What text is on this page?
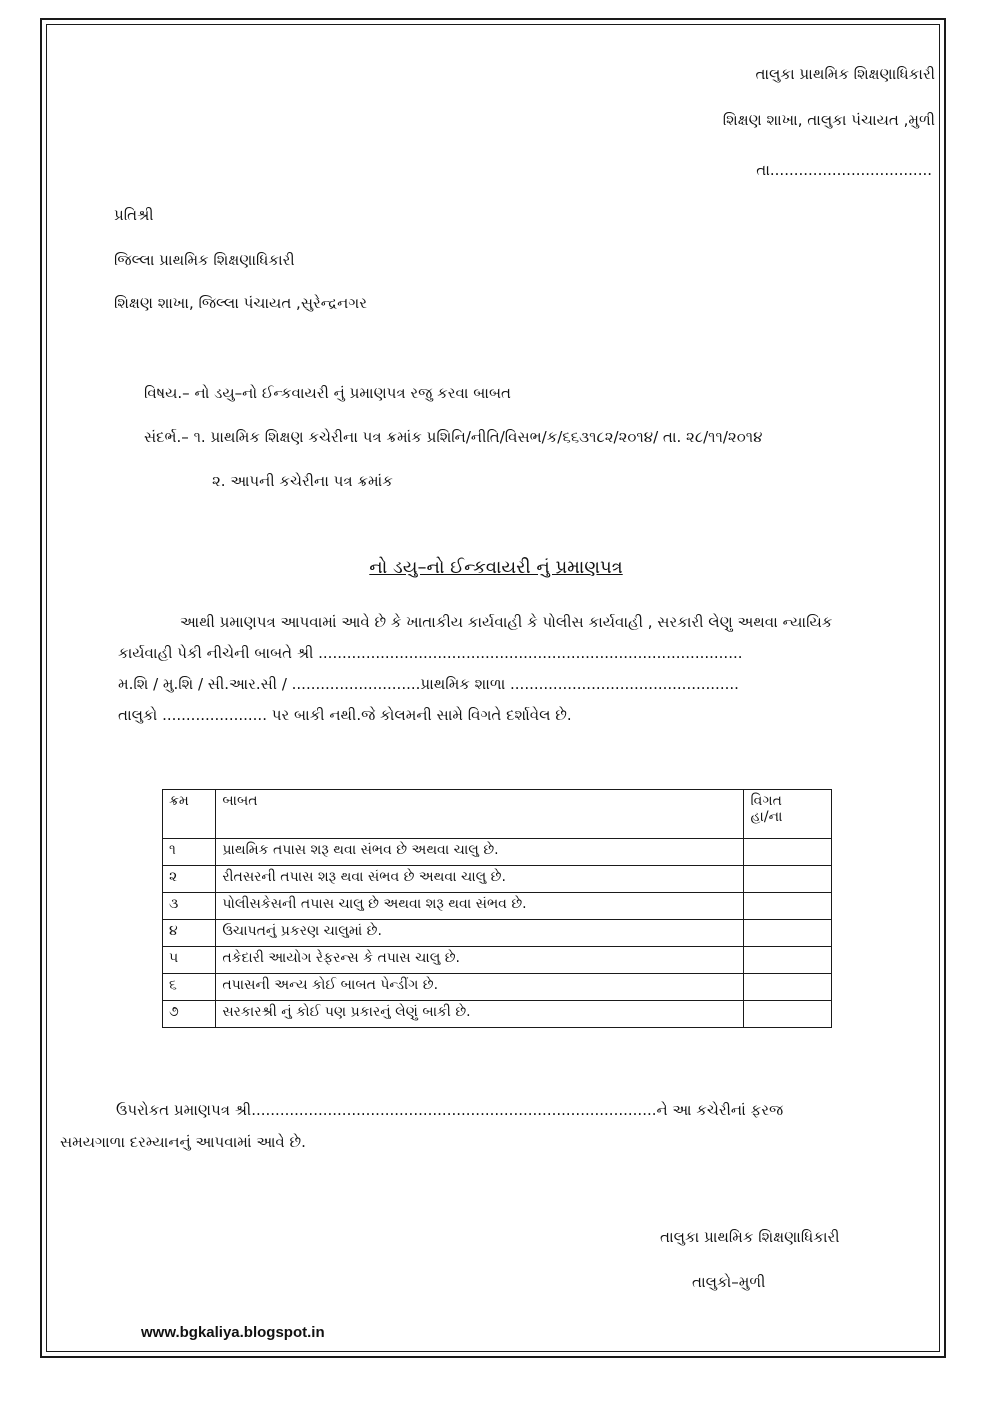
તાલુકા પ્રાથમિક શિક્ષણાધિકારી
શિક્ષણ શાખા, તાલુકા પંચાયત ,મુળી
તા..................................
પ્રતિશ્રી
જિલ્લા પ્રાથમિક શિક્ષણાધિકારી
શિક્ષણ શાખા, જિલ્લા પંચાયત ,સુરેન્દ્રનગર
વિષય.– નો ડયુ–નો ઈન્કવાયરી નું પ્રમાણપત્ર રજુ કરવા બાબત
સંદર્ભ.– ૧. પ્રાથમિક શિક્ષણ કચેરીના પત્ર ક્રમાંક પ્રશિનિ/નીતિ/વિસભ/ક/૬૬૩૧૮૨/૨૦૧૪/ તા. ૨૮/૧૧/૨૦૧૪
૨. આપની કચેરીના પત્ર ક્રમાંક
નો ડયુ–નો ઈન્કવાયરી નું પ્રમાણપત્ર
આથી પ્રમાણપત્ર આપવામાં આવે છે કે ખાતાકીય કાર્યવાહી કે પોલીસ કાર્યવાહી , સરકારી લેણુ અથવા ન્યાયિક
કાર્યવાહી પેકી નીચેની બાબતે શ્રી .........................................................................................
મ.શિ / મુ.શિ / સી.આર.સી / ...........................પ્રાથમિક શાળા ................................................
તાલુકો ...................... પર બાકી નથી.જે કોલમની સામે વિગતે દર્શાવેલ છે.
ક્રમ	બાબત	વિગત
હા/ના

૧	પ્રાથમિક તપાસ શરૂ થવા સંભવ છે અથવા ચાલુ છે.	
૨	રીતસરની તપાસ શરૂ થવા સંભવ છે અથવા ચાલુ છે.	
૩	પોલીસકેસની તપાસ ચાલુ છે અથવા શરૂ થવા સંભવ છે.	
૪	ઉચાપતનું પ્રકરણ ચાલુમાં છે.	
૫	તકેદારી આયોગ રેફરન્સ કે તપાસ ચાલુ છે.	
૬	તપાસની અન્ય કોઈ બાબત પેન્ડીંગ છે.	
૭	સરકારશ્રી નું કોઈ પણ પ્રકારનું લેણું બાકી છે.	
ઉપરોકત પ્રમાણપત્ર શ્રી.....................................................................................ને આ કચેરીનાં ફરજ
સમયગાળા દરમ્યાનનું આપવામાં આવે છે.
તાલુકા પ્રાથમિક શિક્ષણાધિકારી
તાલુકો–મુળી
www.bgkaliya.blogspot.in
